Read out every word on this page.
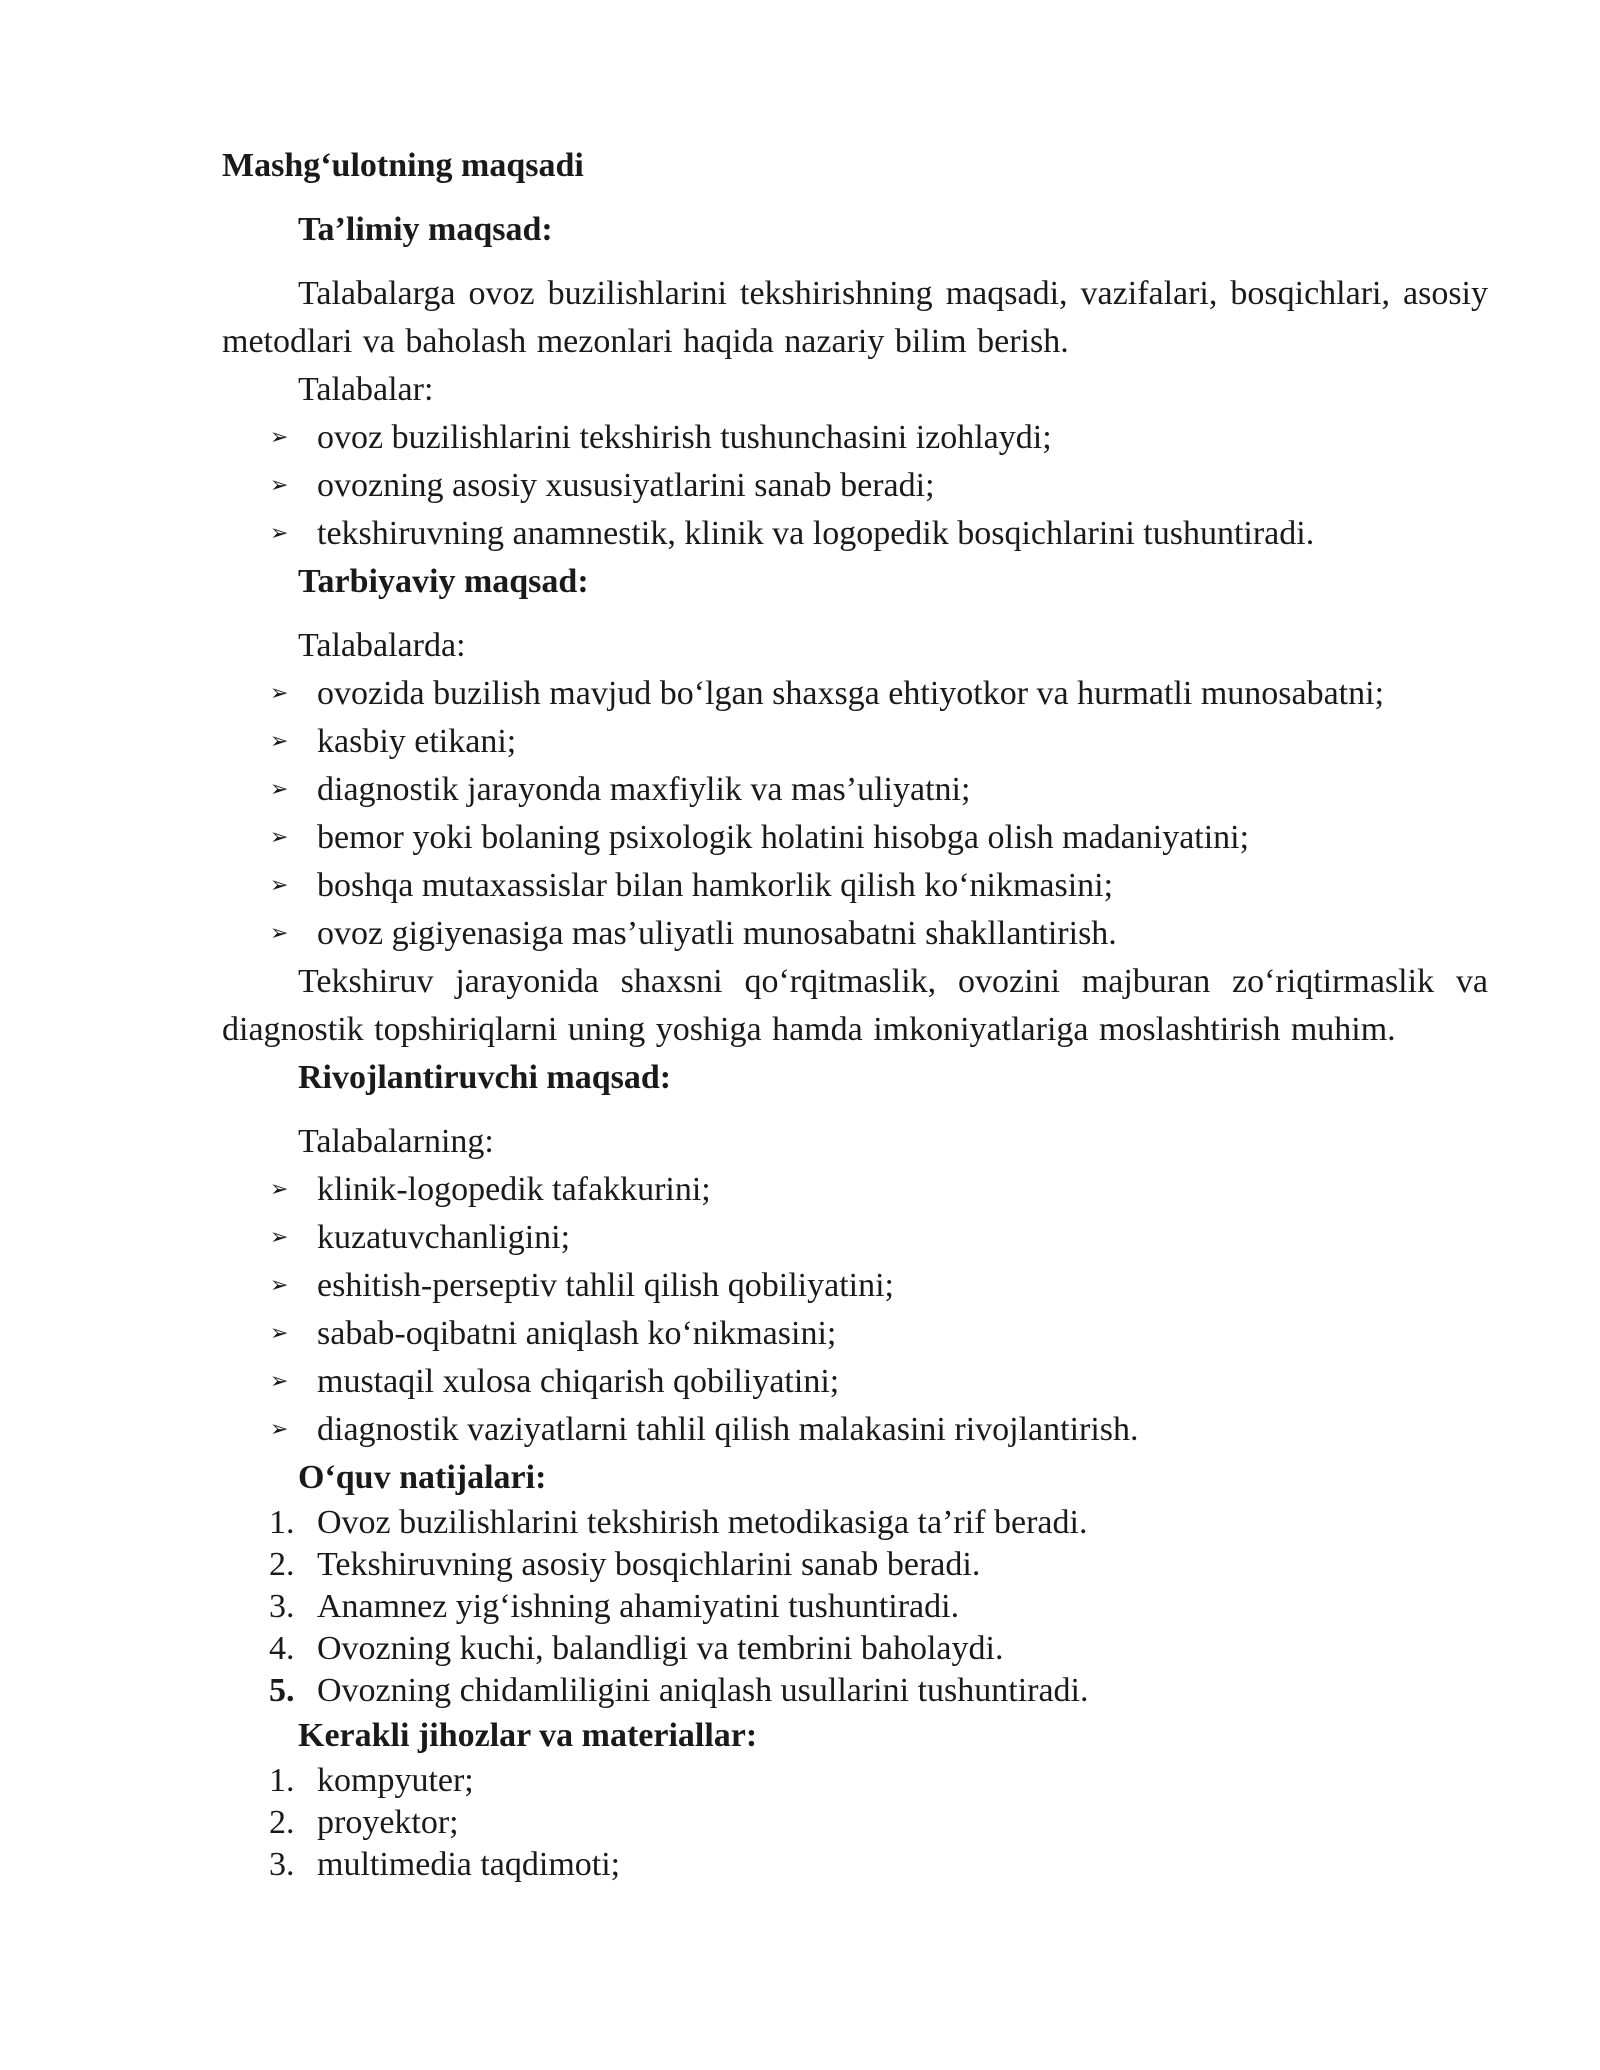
Mashg‘ulotning maqsadi
Ta’limiy maqsad:

Talabalarga ovoz buzilishlarini tekshirishning maqsadi, vazifalari, bosqichlari, asosiy metodlari va baholash mezonlari haqida nazariy bilim berish.

Talabalar:
➢ ovoz buzilishlarini tekshirish tushunchasini izohlaydi;
➢ ovozning asosiy xususiyatlarini sanab beradi;
➢ tekshiruvning anamnestik, klinik va logopedik bosqichlarini tushuntiradi.
Tarbiyaviy maqsad:
Talabalarda:
➢ ovozida buzilish mavjud bo‘lgan shaxsga ehtiyotkor va hurmatli munosabatni;
➢ kasbiy etikani;
➢ diagnostik jarayonda maxfiylik va mas’uliyatni;
➢ bemor yoki bolaning psixologik holatini hisobga olish madaniyatini;
➢ boshqa mutaxassislar bilan hamkorlik qilish ko‘nikmasini;
➢ ovoz gigiyenasiga mas’uliyatli munosabatni shakllantirish.

Tekshiruv jarayonida shaxsni qo‘rqitmaslik, ovozini majburan zo‘riqtirmaslik va diagnostik topshiriqlarni uning yoshiga hamda imkoniyatlariga moslashtirish muhim.

Rivojlantiruvchi maqsad:
Talabalarning:
➢ klinik-logopedik tafakkurini;
➢ kuzatuvchanligini;
➢ eshitish-perseptiv tahlil qilish qobiliyatini;
➢ sabab-oqibatni aniqlash ko‘nikmasini;
➢ mustaqil xulosa chiqarish qobiliyatini;
➢ diagnostik vaziyatlarni tahlil qilish malakasini rivojlantirish.
O‘quv natijalari:
1. Ovoz buzilishlarini tekshirish metodikasiga ta’rif beradi.
2. Tekshiruvning asosiy bosqichlarini sanab beradi.
3. Anamnez yig‘ishning ahamiyatini tushuntiradi.
4. Ovozning kuchi, balandligi va tembrini baholaydi.
5. Ovozning chidamliligini aniqlash usullarini tushuntiradi.
Kerakli jihozlar va materiallar:
1. kompyuter;
2. proyektor;
3. multimedia taqdimoti;
